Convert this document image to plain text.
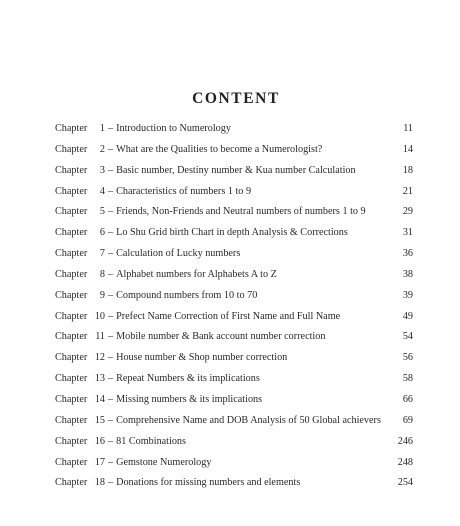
CONTENT
Chapter 1 – Introduction to Numerology	11
Chapter 2 – What are the Qualities to become a Numerologist?	14
Chapter 3 – Basic number, Destiny number & Kua number Calculation	18
Chapter 4 – Characteristics of numbers 1 to 9	21
Chapter 5 – Friends, Non-Friends and Neutral numbers of numbers 1 to 9	29
Chapter 6 – Lo Shu Grid birth Chart in depth Analysis & Corrections	31
Chapter 7 – Calculation of Lucky numbers	36
Chapter 8 – Alphabet numbers for Alphabets A to Z	38
Chapter 9 – Compound numbers from 10 to 70	39
Chapter 10 – Prefect Name Correction of First Name and Full Name	49
Chapter 11 – Mobile number & Bank account number correction	54
Chapter 12 – House number & Shop number correction	56
Chapter 13 – Repeat Numbers & its implications	58
Chapter 14 – Missing numbers & its implications	66
Chapter 15 – Comprehensive Name and DOB Analysis of 50 Global achievers 69
Chapter 16 – 81 Combinations	246
Chapter 17 – Gemstone Numerology	248
Chapter 18 – Donations for missing numbers and elements	254
